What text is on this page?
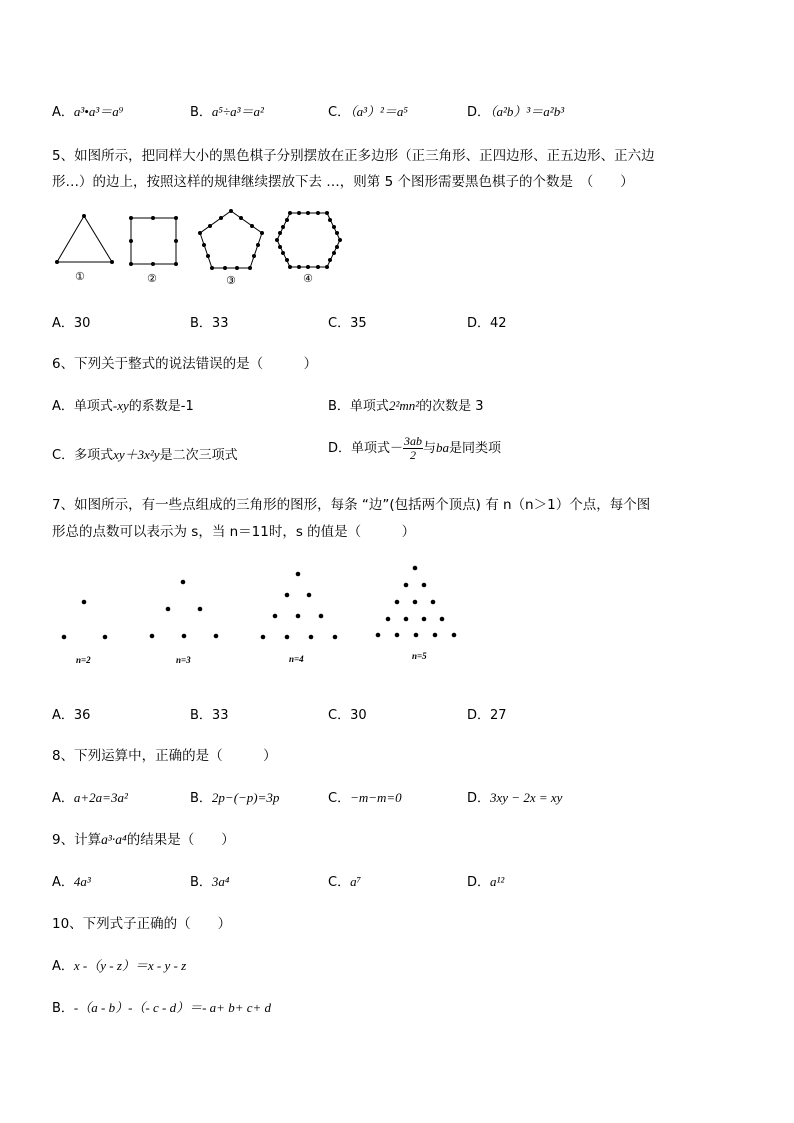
A．a³•a³＝a⁹	B．a⁵÷a³＝a²	C．（a³）²＝a⁵	D．（a²b）³＝a²b³
5、如图所示，把同样大小的黑色棋子分别摆放在正多边形（正三角形、正四边形、正五边形、正六边
形…）的边上，按照这样的规律继续摆放下去 …，则第 5 个图形需要黑色棋子的个数是　（　　）
①	②	③	④
A．30	B．33	C．35	D．42
6、下列关于整式的说法错误的是（　　　）
A．单项式-xy的系数是-1	B．单项式2²mn²的次数是 3
C．多项式xy＋3x²y是二次三项式	D．单项式－ $\frac{3ab}{2}$ 与ba是同类项
7、如图所示，有一些点组成的三角形的图形，每条 “边”(包括两个顶点) 有 n（n＞1）个点，每个图
形总的点数可以表示为 s，当 n＝11时，s 的值是（　　　）
n=2	n=3	n=4	n=5
A．36	B．33	C．30	D．27
8、下列运算中，正确的是（　　　）
A．a+2a=3a²	B．2p−(−p)=3p	C．−m−m=0	D．3xy − 2x = xy
9、计算a³·a⁴的结果是（　　）
A．4a³	B．3a⁴	C．a⁷	D．a¹²
10、下列式子正确的（　　）
A．x -（y - z）＝x - y - z
B．-（a - b）-（- c - d）＝- a+ b+ c+ d
